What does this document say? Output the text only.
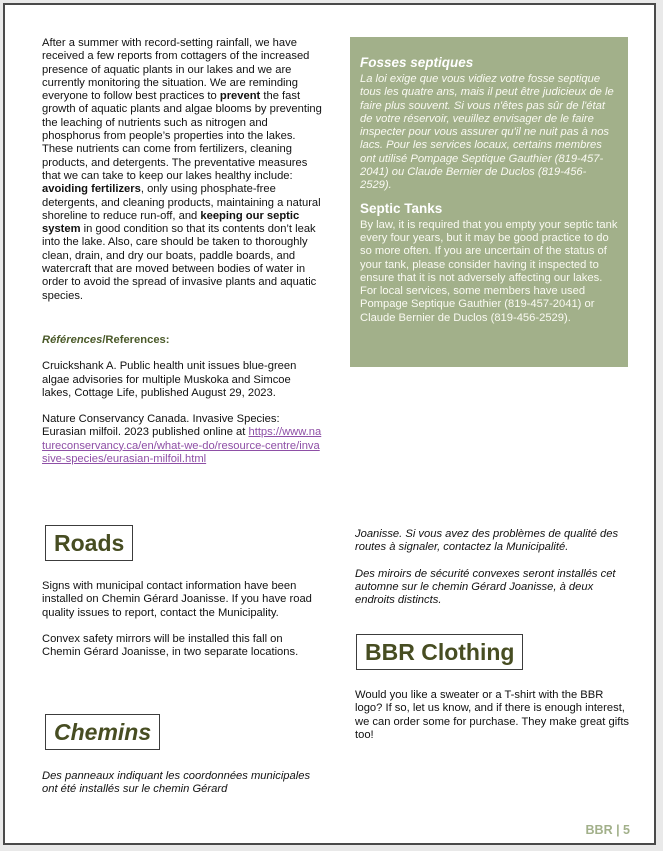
After a summer with record-setting rainfall, we have received a few reports from cottagers of the increased presence of aquatic plants in our lakes and we are currently monitoring the situation. We are reminding everyone to follow best practices to prevent the fast growth of aquatic plants and algae blooms by preventing the leaching of nutrients such as nitrogen and phosphorus from people’s properties into the lakes. These nutrients can come from fertilizers, cleaning products, and detergents. The preventative measures that we can take to keep our lakes healthy include: avoiding fertilizers, only using phosphate-free detergents, and cleaning products, maintaining a natural shoreline to reduce run-off, and keeping our septic system in good condition so that its contents don’t leak into the lake. Also, care should be taken to thoroughly clean, drain, and dry our boats, paddle boards, and watercraft that are moved between bodies of water in order to avoid the spread of invasive plants and aquatic species.

Références/References:

Cruickshank A. Public health unit issues blue-green algae advisories for multiple Muskoka and Simcoe lakes, Cottage Life, published August 29, 2023.

Nature Conservancy Canada. Invasive Species: Eurasian milfoil. 2023 published online at https://www.natureconservancy.ca/en/what-we-do/resource-centre/invasive-species/eurasian-milfoil.html

Fosses septiques

La loi exige que vous vidiez votre fosse septique tous les quatre ans, mais il peut être judicieux de le faire plus souvent. Si vous n'êtes pas sûr de l'état de votre réservoir, veuillez envisager de le faire inspecter pour vous assurer qu'il ne nuit pas à nos lacs. Pour les services locaux, certains membres ont utilisé Pompage Septique Gauthier (819-457-2041) ou Claude Bernier de Duclos (819-456-2529).

Septic Tanks

By law, it is required that you empty your septic tank every four years, but it may be good practice to do so more often. If you are uncertain of the status of your tank, please consider having it inspected to ensure that it is not adversely affecting our lakes. For local services, some members have used Pompage Septique Gauthier (819-457-2041) or Claude Bernier de Duclos (819-456-2529).

Roads

Signs with municipal contact information have been installed on Chemin Gérard Joanisse. If you have road quality issues to report, contact the Municipality.

Convex safety mirrors will be installed this fall on Chemin Gérard Joanisse, in two separate locations.

Chemins
Des panneaux indiquant les coordonnées municipales ont été installés sur le chemin Gérard

Joanisse. Si vous avez des problèmes de qualité des routes à signaler, contactez la Municipalité.

Des miroirs de sécurité convexes seront installés cet automne sur le chemin Gérard Joanisse, à deux endroits distincts.

BBR Clothing
Would you like a sweater or a T-shirt with the BBR logo? If so, let us know, and if there is enough interest, we can order some for purchase. They make great gifts too!
BBR | 5
